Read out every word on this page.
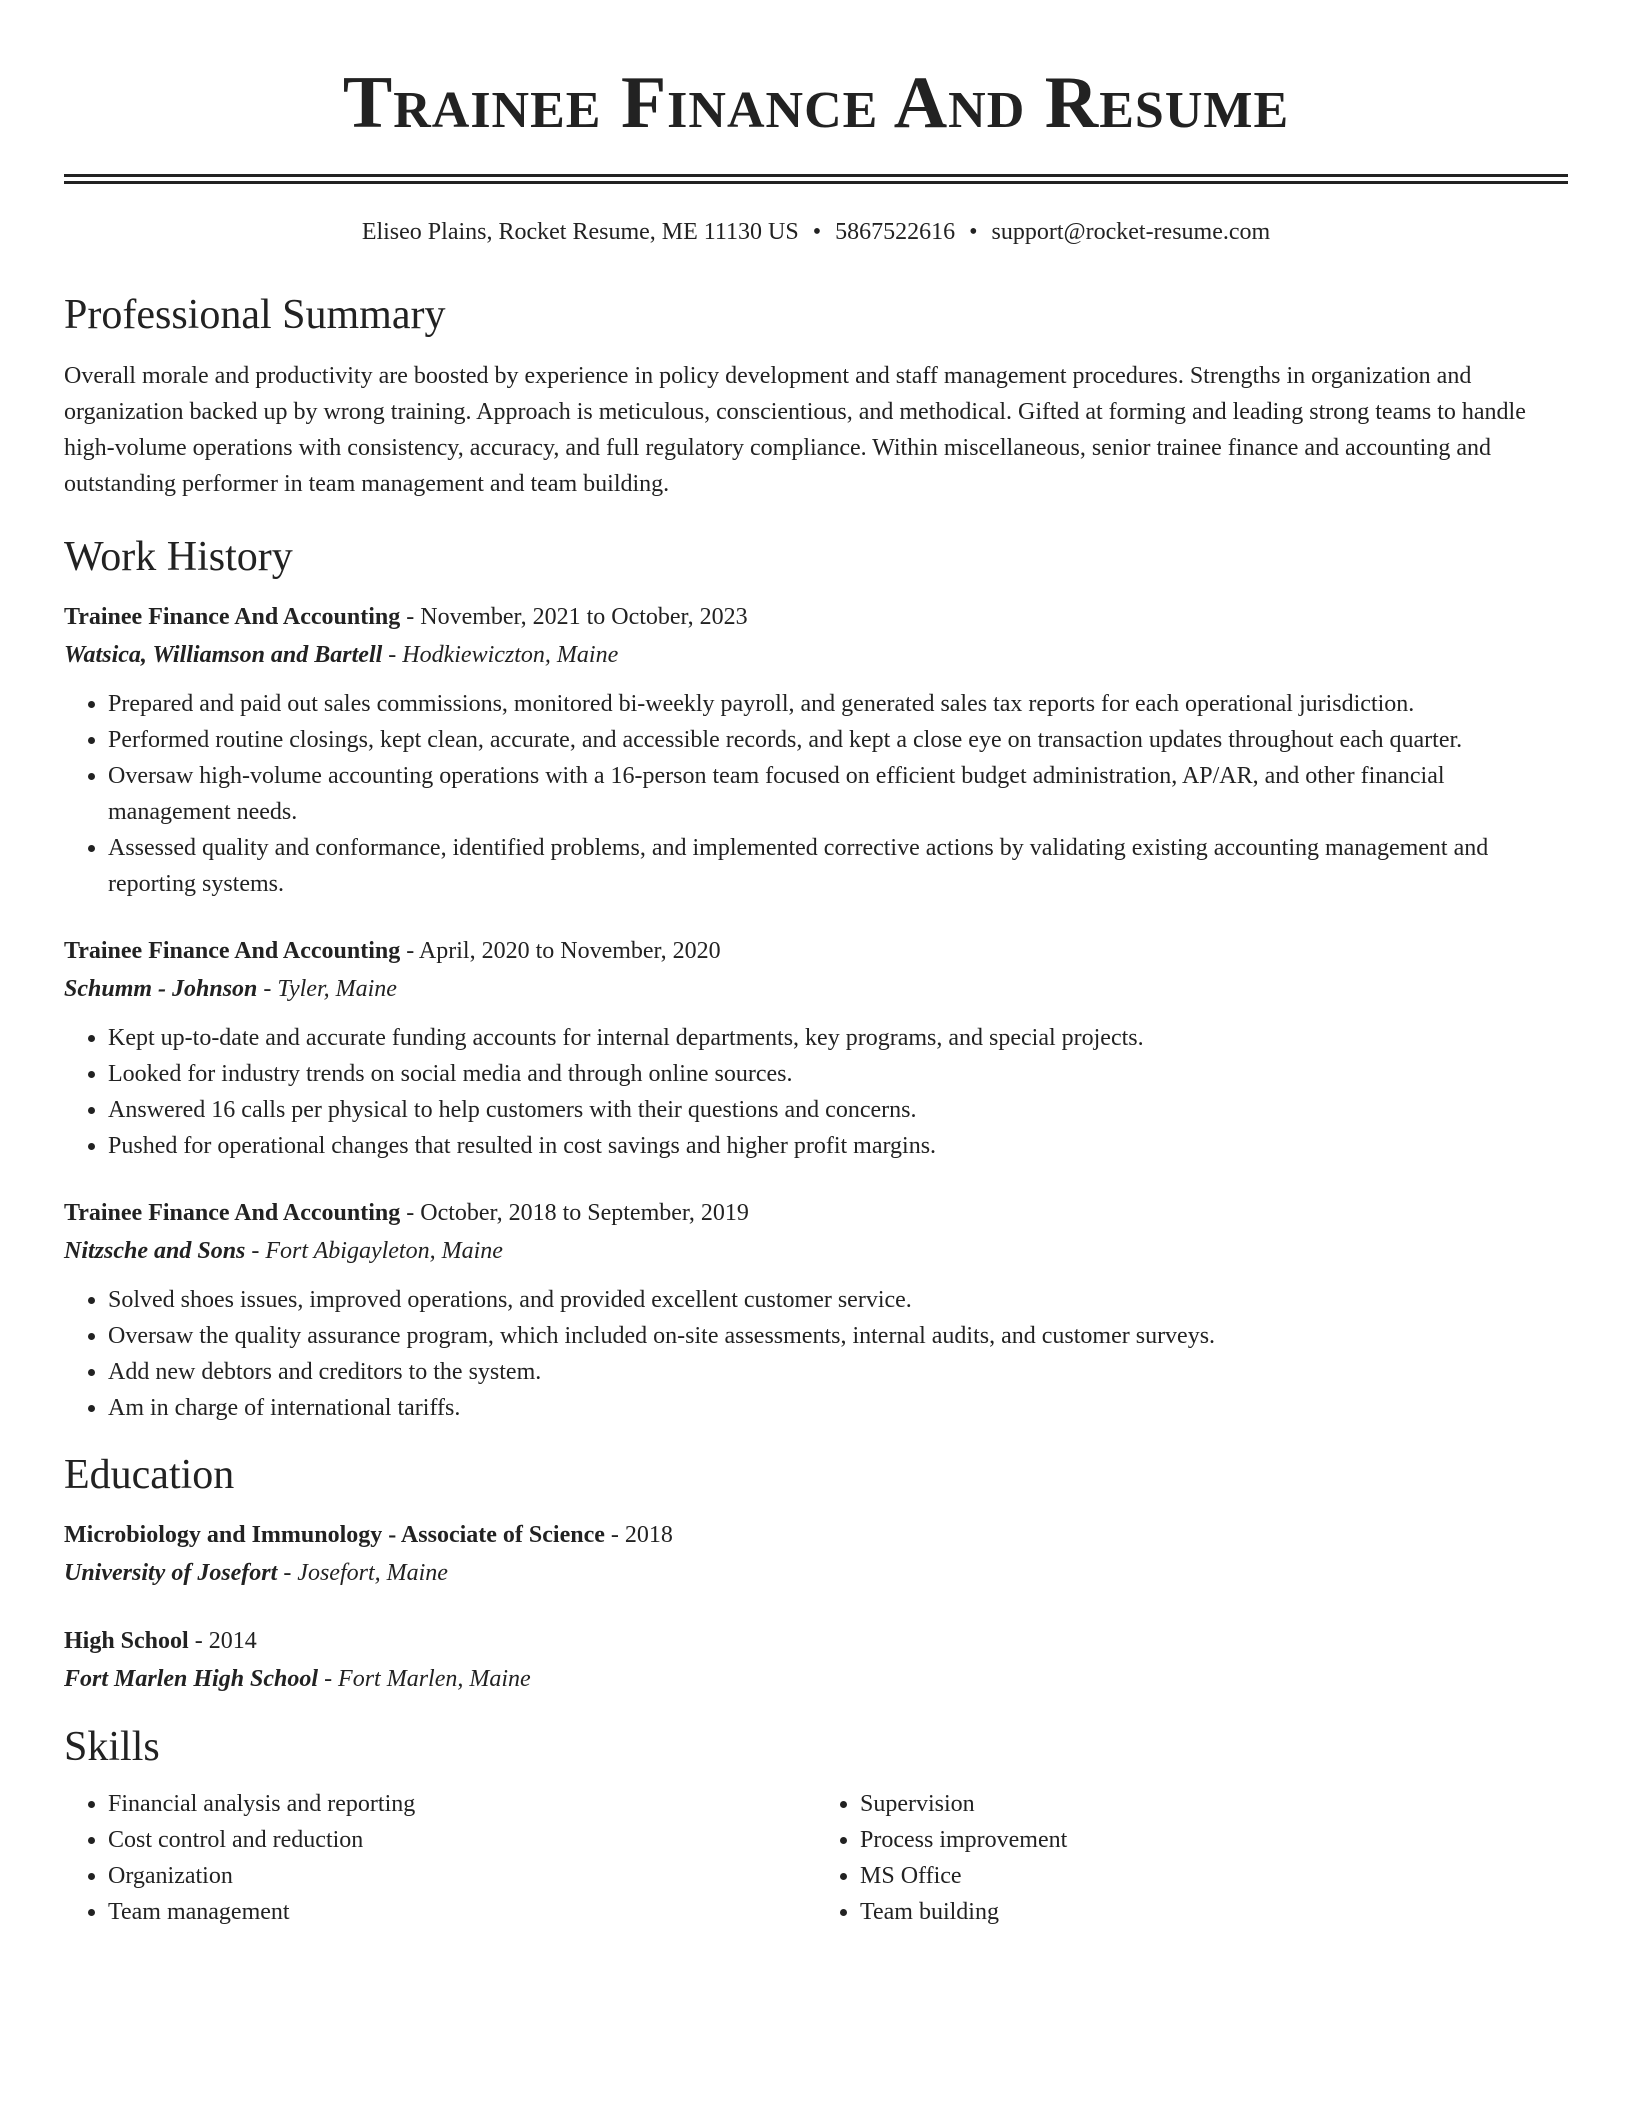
Trainee Finance And Resume
Eliseo Plains, Rocket Resume, ME 11130 US • 5867522616 • support@rocket-resume.com
Professional Summary

Overall morale and productivity are boosted by experience in policy development and staff management procedures. Strengths in organization and organization backed up by wrong training. Approach is meticulous, conscientious, and methodical. Gifted at forming and leading strong teams to handle high-volume operations with consistency, accuracy, and full regulatory compliance. Within miscellaneous, senior trainee finance and accounting and outstanding performer in team management and team building.

Work History
Trainee Finance And Accounting - November, 2021 to October, 2023
Watsica, Williamson and Bartell - Hodkiewiczton, Maine
• Prepared and paid out sales commissions, monitored bi-weekly payroll, and generated sales tax reports for each operational jurisdiction.
• Performed routine closings, kept clean, accurate, and accessible records, and kept a close eye on transaction updates throughout each quarter.
• Oversaw high-volume accounting operations with a 16-person team focused on efficient budget administration, AP/AR, and other financial management needs.
• Assessed quality and conformance, identified problems, and implemented corrective actions by validating existing accounting management and reporting systems.
Trainee Finance And Accounting - April, 2020 to November, 2020
Schumm - Johnson - Tyler, Maine
• Kept up-to-date and accurate funding accounts for internal departments, key programs, and special projects.
• Looked for industry trends on social media and through online sources.
• Answered 16 calls per physical to help customers with their questions and concerns.
• Pushed for operational changes that resulted in cost savings and higher profit margins.
Trainee Finance And Accounting - October, 2018 to September, 2019
Nitzsche and Sons - Fort Abigayleton, Maine
• Solved shoes issues, improved operations, and provided excellent customer service.
• Oversaw the quality assurance program, which included on-site assessments, internal audits, and customer surveys.
• Add new debtors and creditors to the system.
• Am in charge of international tariffs.
Education
Microbiology and Immunology - Associate of Science - 2018
University of Josefort - Josefort, Maine
High School - 2014
Fort Marlen High School - Fort Marlen, Maine
Skills
• Financial analysis and reporting
• Cost control and reduction
• Organization
• Team management
• Supervision
• Process improvement
• MS Office
• Team building
